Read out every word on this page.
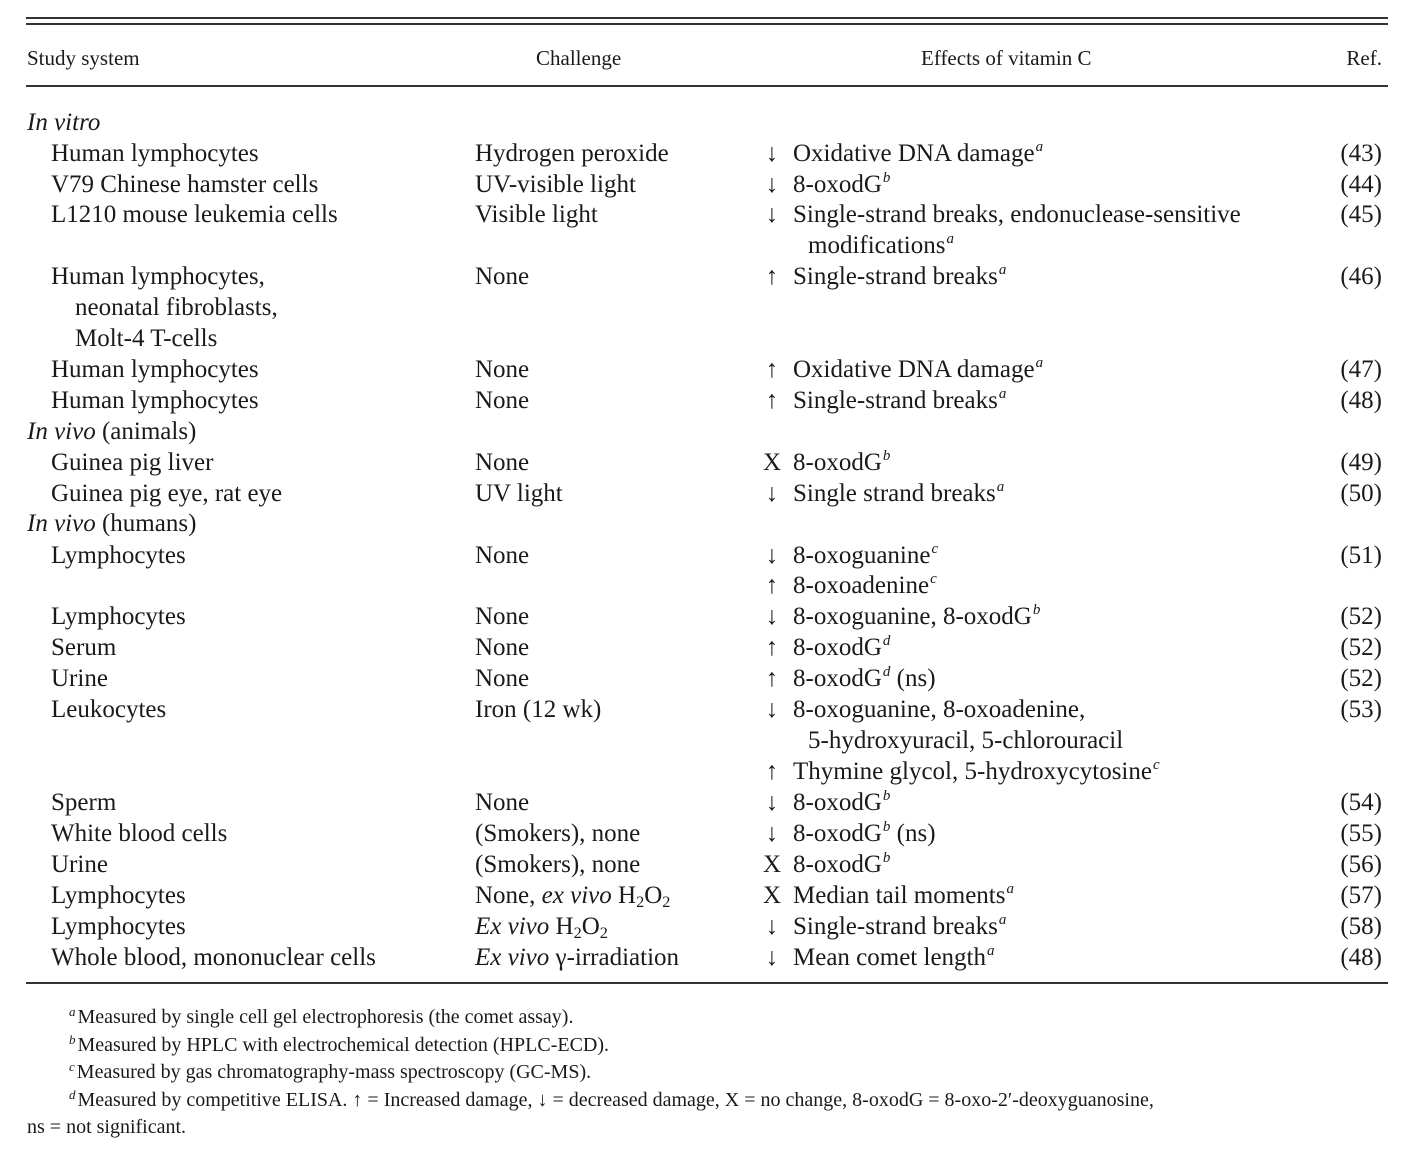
Study system	Challenge	Effects of vitamin C	Ref.
In vitro
Human lymphocytes	Hydrogen peroxide	↓ Oxidative DNA damage$^a$	(43)
V79 Chinese hamster cells	UV-visible light	↓ 8-oxodG$^b$	(44)
L1210 mouse leukemia cells	Visible light	↓ Single-strand breaks, endonuclease-sensitive	(45)
modifications$^a$
Human lymphocytes,	None	↑ Single-strand breaks$^a$	(46)
neonatal fibroblasts,
Molt-4 T-cells
Human lymphocytes	None	↑ Oxidative DNA damage$^a$	(47)
Human lymphocytes	None	↑ Single-strand breaks$^a$	(48)
In vivo (animals)
Guinea pig liver	None	X 8-oxodG$^b$	(49)
Guinea pig eye, rat eye	UV light	↓ Single strand breaks$^a$	(50)
In vivo (humans)
Lymphocytes	None	↓ 8-oxoguanine$^c$	(51)
↑ 8-oxoadenine$^c$
Lymphocytes	None	↓ 8-oxoguanine, 8-oxodG$^b$	(52)
Serum	None	↑ 8-oxodG$^d$	(52)
Urine	None	↑ 8-oxodG$^d$ (ns)	(52)
Leukocytes	Iron (12 wk)	↓ 8-oxoguanine, 8-oxoadenine,	(53)
5-hydroxyuracil, 5-chlorouracil
↑ Thymine glycol, 5-hydroxycytosine$^c$
Sperm	None	↓ 8-oxodG$^b$	(54)
White blood cells	(Smokers), none	↓ 8-oxodG$^b$ (ns)	(55)
Urine	(Smokers), none	X 8-oxodG$^b$	(56)
Lymphocytes	None, ex vivo $H_2O_2$	X Median tail moments$^a$	(57)
Lymphocytes	Ex vivo $H_2O_2$	↓ Single-strand breaks$^a$	(58)
Whole blood, mononuclear cells	Ex vivo γ-irradiation	↓ Mean comet length$^a$	(48)
$^a$ Measured by single cell gel electrophoresis (the comet assay).
$^b$ Measured by HPLC with electrochemical detection (HPLC-ECD).
$^c$ Measured by gas chromatography-mass spectroscopy (GC-MS).
$^d$ Measured by competitive ELISA. ↑ = Increased damage, ↓ = decreased damage, X = no change, 8-oxodG = 8-oxo-2′-deoxyguanosine,
ns = not significant.
